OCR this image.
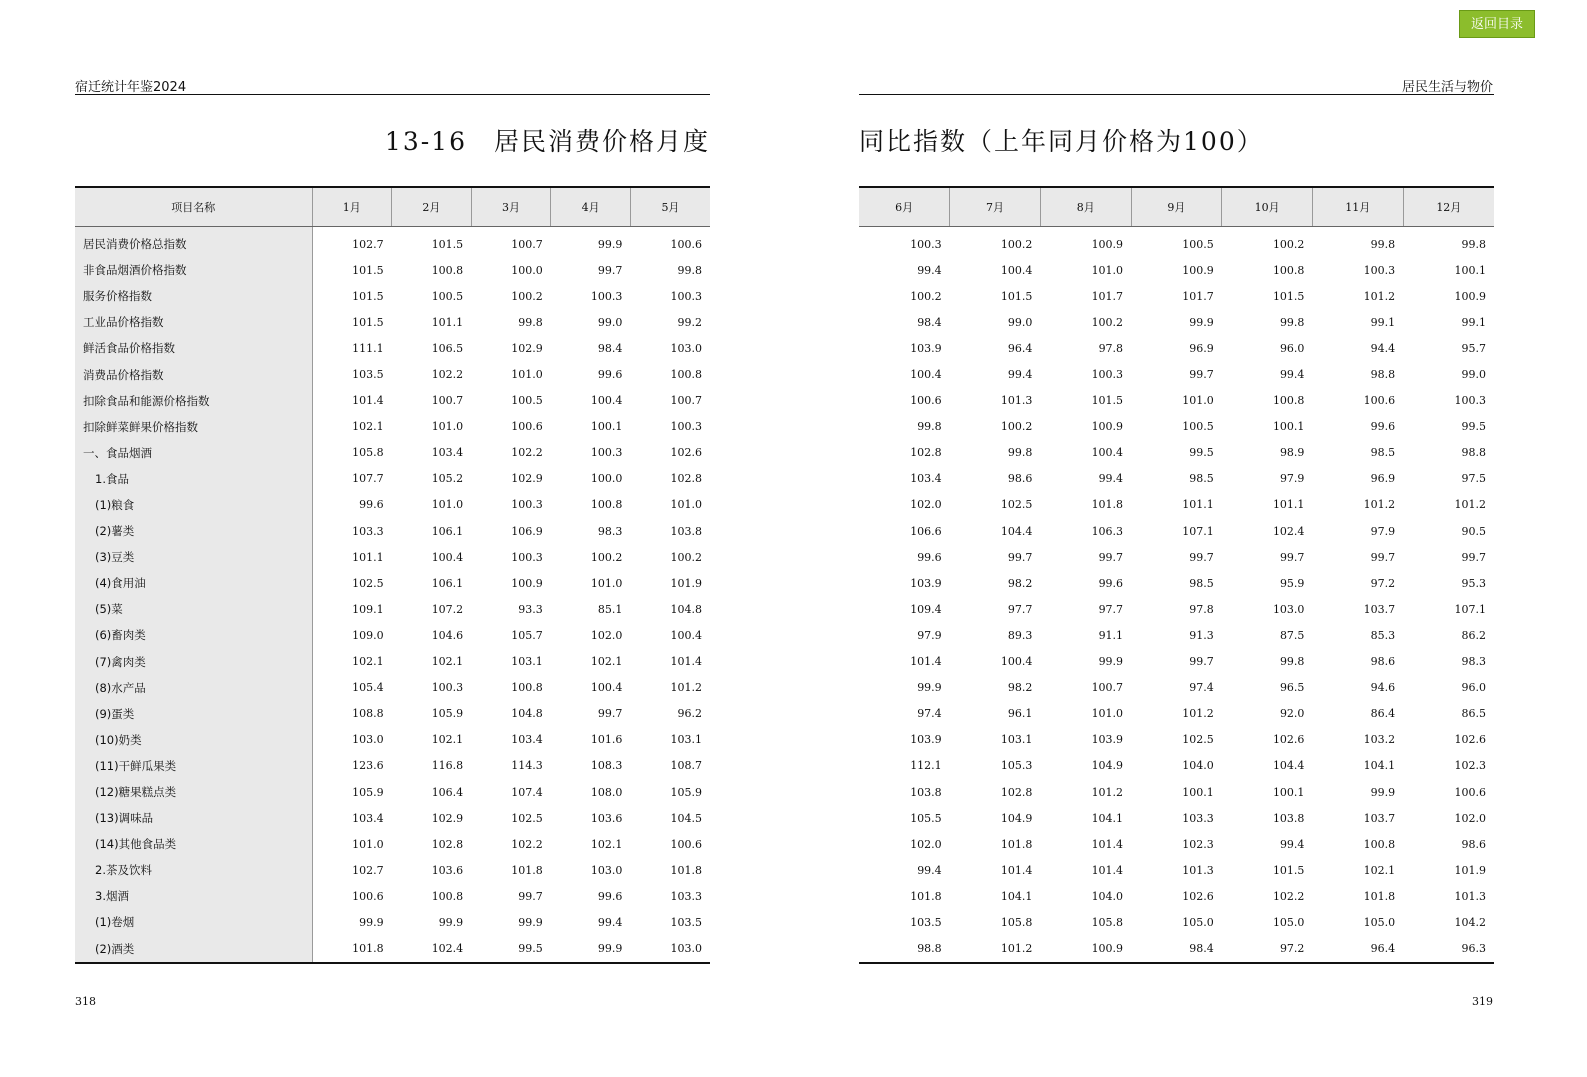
宿迁统计年鉴2024
13-16　居民消费价格月度
项目名称	1月	2月	3月	4月	5月

居民消费价格总指数	102.7	101.5	100.7	99.9	100.6
非食品烟酒价格指数	101.5	100.8	100.0	99.7	99.8
服务价格指数	101.5	100.5	100.2	100.3	100.3
工业品价格指数	101.5	101.1	99.8	99.0	99.2
鲜活食品价格指数	111.1	106.5	102.9	98.4	103.0
消费品价格指数	103.5	102.2	101.0	99.6	100.8
扣除食品和能源价格指数	101.4	100.7	100.5	100.4	100.7
扣除鲜菜鲜果价格指数	102.1	101.0	100.6	100.1	100.3
一、食品烟酒	105.8	103.4	102.2	100.3	102.6
1.食品	107.7	105.2	102.9	100.0	102.8
(1)粮食	99.6	101.0	100.3	100.8	101.0
(2)薯类	103.3	106.1	106.9	98.3	103.8
(3)豆类	101.1	100.4	100.3	100.2	100.2
(4)食用油	102.5	106.1	100.9	101.0	101.9
(5)菜	109.1	107.2	93.3	85.1	104.8
(6)畜肉类	109.0	104.6	105.7	102.0	100.4
(7)禽肉类	102.1	102.1	103.1	102.1	101.4
(8)水产品	105.4	100.3	100.8	100.4	101.2
(9)蛋类	108.8	105.9	104.8	99.7	96.2
(10)奶类	103.0	102.1	103.4	101.6	103.1
(11)干鲜瓜果类	123.6	116.8	114.3	108.3	108.7
(12)糖果糕点类	105.9	106.4	107.4	108.0	105.9
(13)调味品	103.4	102.9	102.5	103.6	104.5
(14)其他食品类	101.0	102.8	102.2	102.1	100.6
2.茶及饮料	102.7	103.6	101.8	103.0	101.8
3.烟酒	100.6	100.8	99.7	99.6	103.3
(1)卷烟	99.9	99.9	99.9	99.4	103.5
(2)酒类	101.8	102.4	99.5	99.9	103.0
318
居民生活与物价
同比指数（上年同月价格为100）
6月	7月	8月	9月	10月	11月	12月

100.3	100.2	100.9	100.5	100.2	99.8	99.8
99.4	100.4	101.0	100.9	100.8	100.3	100.1
100.2	101.5	101.7	101.7	101.5	101.2	100.9
98.4	99.0	100.2	99.9	99.8	99.1	99.1
103.9	96.4	97.8	96.9	96.0	94.4	95.7
100.4	99.4	100.3	99.7	99.4	98.8	99.0
100.6	101.3	101.5	101.0	100.8	100.6	100.3
99.8	100.2	100.9	100.5	100.1	99.6	99.5
102.8	99.8	100.4	99.5	98.9	98.5	98.8
103.4	98.6	99.4	98.5	97.9	96.9	97.5
102.0	102.5	101.8	101.1	101.1	101.2	101.2
106.6	104.4	106.3	107.1	102.4	97.9	90.5
99.6	99.7	99.7	99.7	99.7	99.7	99.7
103.9	98.2	99.6	98.5	95.9	97.2	95.3
109.4	97.7	97.7	97.8	103.0	103.7	107.1
97.9	89.3	91.1	91.3	87.5	85.3	86.2
101.4	100.4	99.9	99.7	99.8	98.6	98.3
99.9	98.2	100.7	97.4	96.5	94.6	96.0
97.4	96.1	101.0	101.2	92.0	86.4	86.5
103.9	103.1	103.9	102.5	102.6	103.2	102.6
112.1	105.3	104.9	104.0	104.4	104.1	102.3
103.8	102.8	101.2	100.1	100.1	99.9	100.6
105.5	104.9	104.1	103.3	103.8	103.7	102.0
102.0	101.8	101.4	102.3	99.4	100.8	98.6
99.4	101.4	101.4	101.3	101.5	102.1	101.9
101.8	104.1	104.0	102.6	102.2	101.8	101.3
103.5	105.8	105.8	105.0	105.0	105.0	104.2
98.8	101.2	100.9	98.4	97.2	96.4	96.3
319
返回目录
